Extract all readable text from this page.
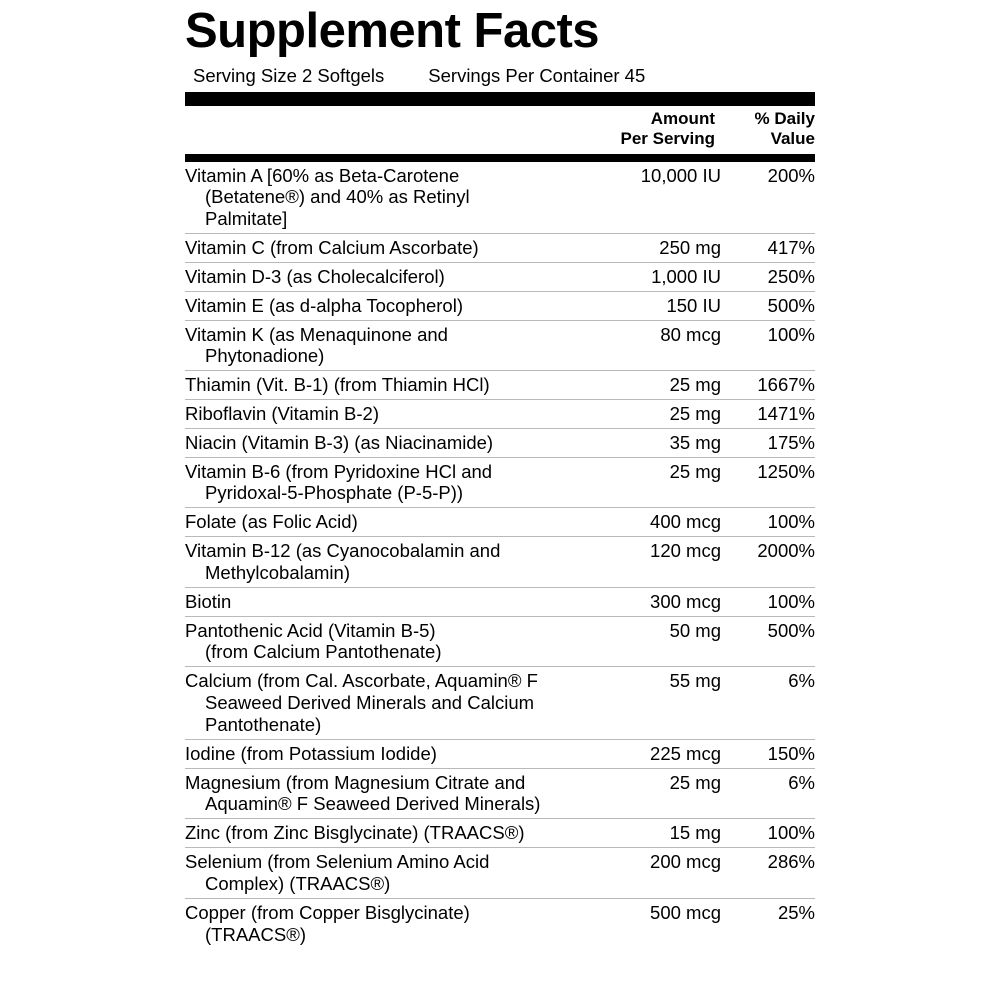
Supplement Facts
Serving Size 2 Softgels Servings Per Container 45
Amount
Per Serving
% Daily
Value
Vitamin A [60% as Beta-Carotene
(Betatene®) and 40% as Retinyl Palmitate]	10,000 IU	200%
Vitamin C (from Calcium Ascorbate)	250 mg	417%
Vitamin D-3 (as Cholecalciferol)	1,000 IU	250%
Vitamin E (as d-alpha Tocopherol)	150 IU	500%
Vitamin K (as Menaquinone and
Phytonadione)	80 mcg	100%
Thiamin (Vit. B-1) (from Thiamin HCl)	25 mg	1667%
Riboflavin (Vitamin B-2)	25 mg	1471%
Niacin (Vitamin B-3) (as Niacinamide)	35 mg	175%
Vitamin B-6 (from Pyridoxine HCl and
Pyridoxal-5-Phosphate (P-5-P))	25 mg	1250%
Folate (as Folic Acid)	400 mcg	100%
Vitamin B-12 (as Cyanocobalamin and
Methylcobalamin)	120 mcg	2000%
Biotin	300 mcg	100%
Pantothenic Acid (Vitamin B-5)
(from Calcium Pantothenate)	50 mg	500%
Calcium (from Cal. Ascorbate, Aquamin® F
Seaweed Derived Minerals and Calcium Pantothenate)	55 mg	6%
Iodine (from Potassium Iodide)	225 mcg	150%
Magnesium (from Magnesium Citrate and
Aquamin® F Seaweed Derived Minerals)	25 mg	6%
Zinc (from Zinc Bisglycinate) (TRAACS®)	15 mg	100%
Selenium (from Selenium Amino Acid
Complex) (TRAACS®)	200 mcg	286%
Copper (from Copper Bisglycinate)
(TRAACS®)	500 mcg	25%
